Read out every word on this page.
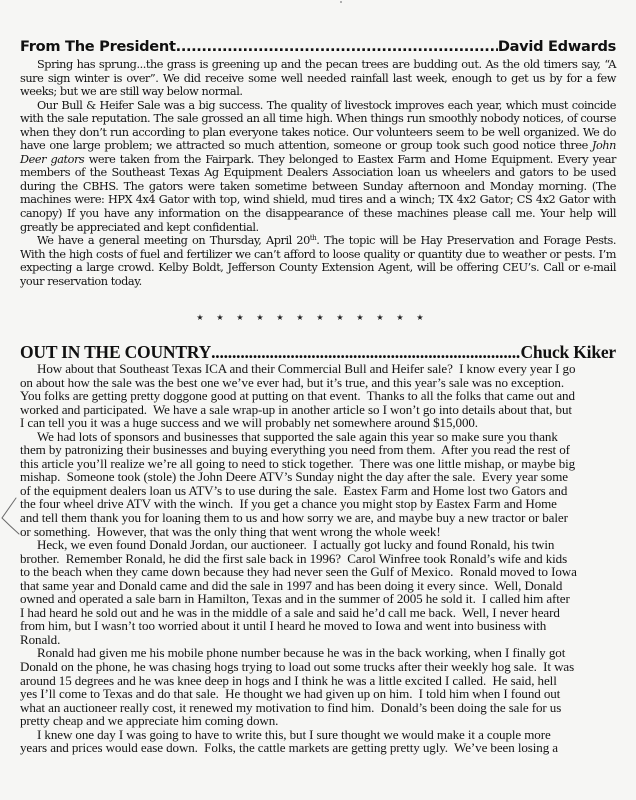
From The President .....	David Edwards

Spring has sprung...the grass is greening up and the pecan trees are budding out. As the old timers say, “A sure sign winter is over”. We did receive some well needed rainfall last week, enough to get us by for a few weeks; but we are still way below normal.

Our Bull & Heifer Sale was a big success. The quality of livestock improves each year, which must coincide with the sale reputation. The sale grossed an all time high. When things run smoothly nobody notices, of course when they don’t run according to plan everyone takes notice. Our volunteers seem to be well organized. We do have one large problem; we attracted so much attention, someone or group took such good notice three John Deer gators were taken from the Fairpark. They belonged to Eastex Farm and Home Equipment. Every year members of the Southeast Texas Ag Equipment Dealers Association loan us wheelers and gators to be used during the CBHS. The gators were taken sometime between Sunday afternoon and Monday morning. (The machines were: HPX 4x4 Gator with top, wind shield, mud tires and a winch; TX 4x2 Gator; CS 4x2 Gator with canopy) If you have any information on the disappearance of these machines please call me. Your help will greatly be appreciated and kept confidential.

We have a general meeting on Thursday, April 20th. The topic will be Hay Preservation and Forage Pests. With the high costs of fuel and fertilizer we can’t afford to loose quality or quantity due to weather or pests. I’m expecting a large crowd. Kelby Boldt, Jefferson County Extension Agent, will be offering CEU’s. Call or e-mail your reservation today.

★ ★ ★ ★ ★ ★ ★ ★ ★ ★ ★ ★
OUT IN THE COUNTRY .....	Chuck Kiker
How about that Southeast Texas ICA and their Commercial Bull and Heifer sale?  I know every year I go
on about how the sale was the best one we’ve ever had, but it’s true, and this year’s sale was no exception.
You folks are getting pretty doggone good at putting on that event.  Thanks to all the folks that came out and
worked and participated.  We have a sale wrap-up in another article so I won’t go into details about that, but
I can tell you it was a huge success and we will probably net somewhere around $15,000.
We had lots of sponsors and businesses that supported the sale again this year so make sure you thank
them by patronizing their businesses and buying everything you need from them.  After you read the rest of
this article you’ll realize we’re all going to need to stick together.  There was one little mishap, or maybe big
mishap.  Someone took (stole) the John Deere ATV’s Sunday night the day after the sale.  Every year some
of the equipment dealers loan us ATV’s to use during the sale.  Eastex Farm and Home lost two Gators and
the four wheel drive ATV with the winch.  If you get a chance you might stop by Eastex Farm and Home
and tell them thank you for loaning them to us and how sorry we are, and maybe buy a new tractor or baler
or something.  However, that was the only thing that went wrong the whole week!
Heck, we even found Donald Jordan, our auctioneer.  I actually got lucky and found Ronald, his twin
brother.  Remember Ronald, he did the first sale back in 1996?  Carol Winfree took Ronald’s wife and kids
to the beach when they came down because they had never seen the Gulf of Mexico.  Ronald moved to Iowa
that same year and Donald came and did the sale in 1997 and has been doing it every since.  Well, Donald
owned and operated a sale barn in Hamilton, Texas and in the summer of 2005 he sold it.  I called him after
I had heard he sold out and he was in the middle of a sale and said he’d call me back.  Well, I never heard
from him, but I wasn’t too worried about it until I heard he moved to Iowa and went into business with
Ronald.
Ronald had given me his mobile phone number because he was in the back working, when I finally got
Donald on the phone, he was chasing hogs trying to load out some trucks after their weekly hog sale.  It was
around 15 degrees and he was knee deep in hogs and I think he was a little excited I called.  He said, hell
yes I’ll come to Texas and do that sale.  He thought we had given up on him.  I told him when I found out
what an auctioneer really cost, it renewed my motivation to find him.  Donald’s been doing the sale for us
pretty cheap and we appreciate him coming down.
I knew one day I was going to have to write this, but I sure thought we would make it a couple more
years and prices would ease down.  Folks, the cattle markets are getting pretty ugly.  We’ve been losing a
